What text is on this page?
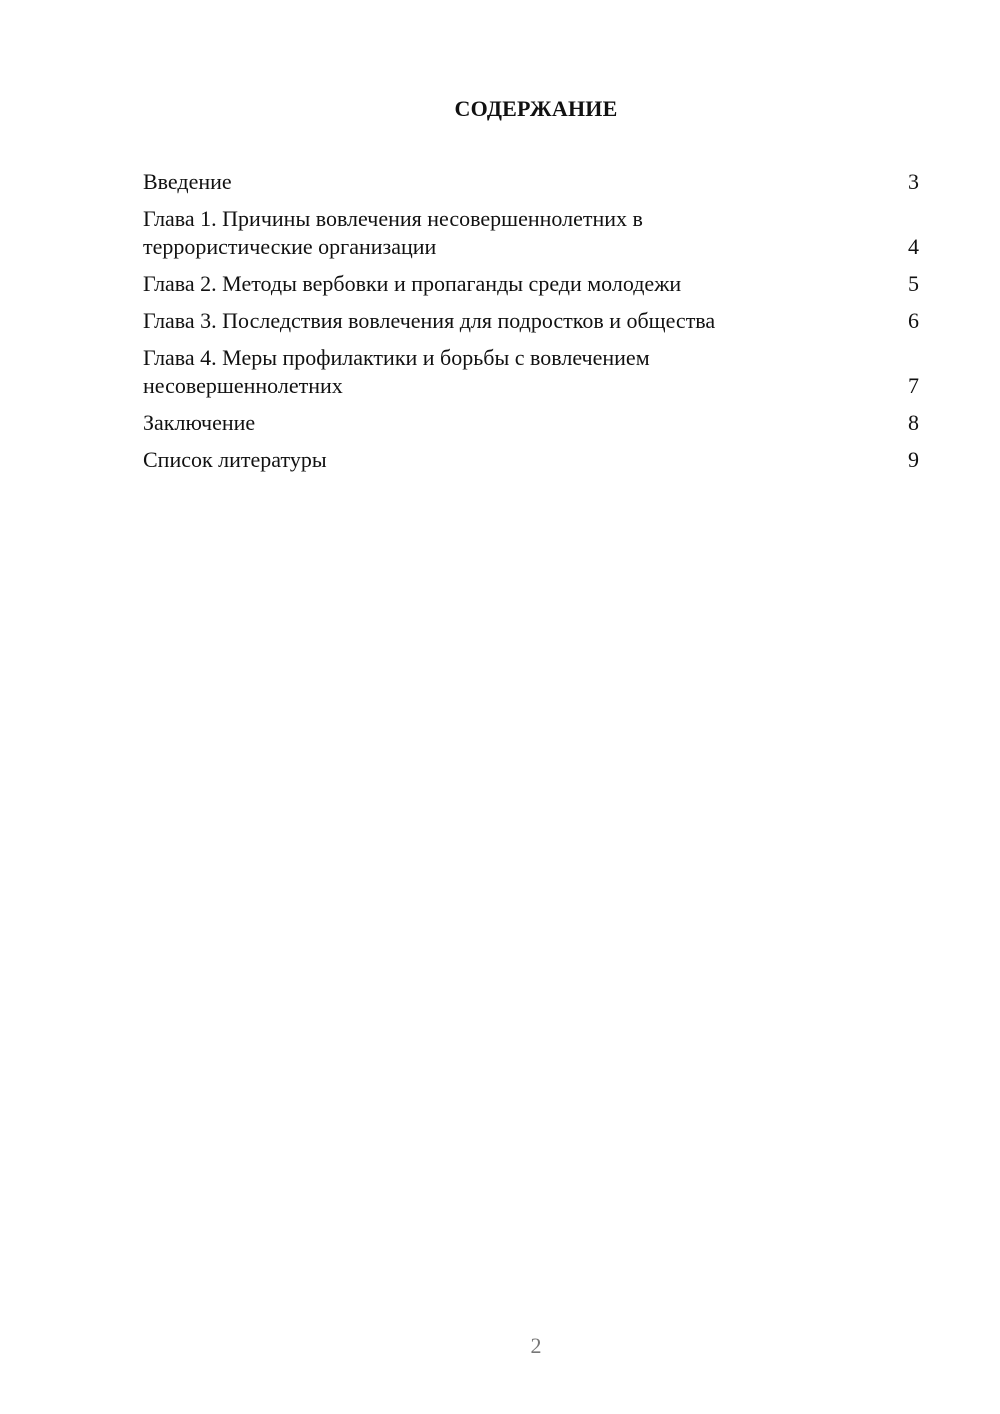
СОДЕРЖАНИЕ
Введение	3
Глава 1. Причины вовлечения несовершеннолетних в
террористические организации	4
Глава 2. Методы вербовки и пропаганды среди молодежи	5
Глава 3. Последствия вовлечения для подростков и общества	6
Глава 4. Меры профилактики и борьбы с вовлечением
несовершеннолетних	7
Заключение	8
Список литературы	9
2
